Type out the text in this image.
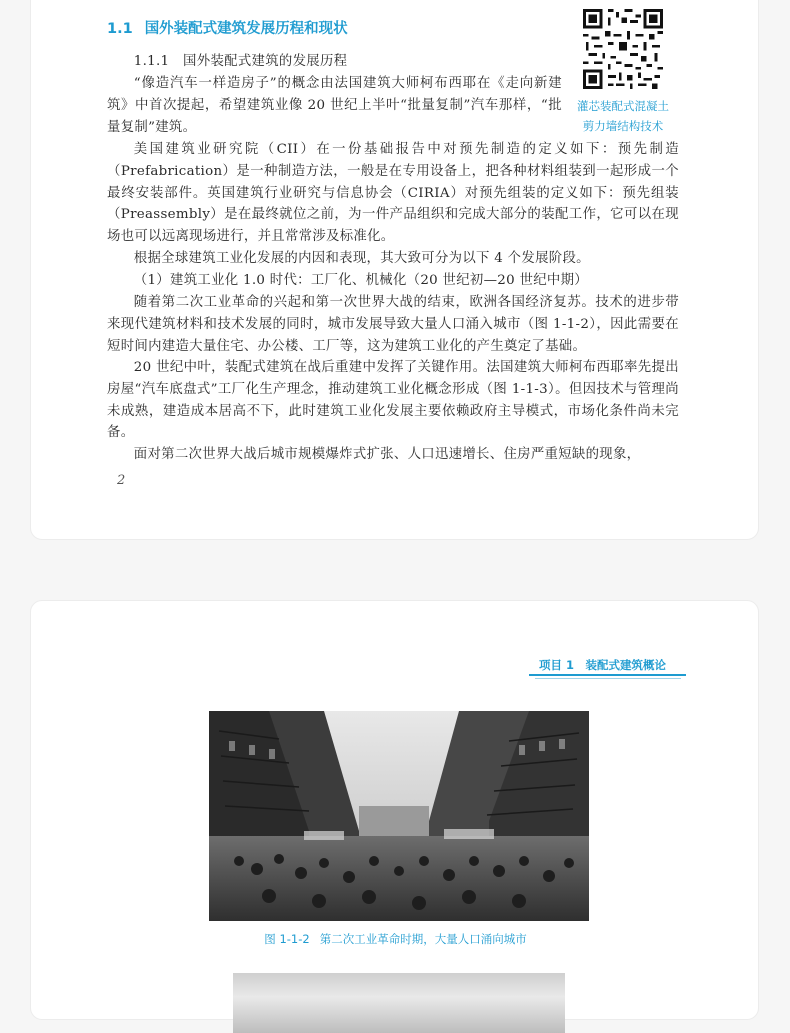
1.1 国外装配式建筑发展历程和现状
灌芯装配式混凝土
剪力墙结构技术

1.1.1　国外装配式建筑的发展历程

“像造汽车一样造房子”的概念由法国建筑大师柯布西耶在《走向新建筑》中首次提起，希望建筑业像 20 世纪上半叶“批量复制”汽车那样，“批量复制”建筑。

美国建筑业研究院（CII）在一份基础报告中对预先制造的定义如下：预先制造（Prefabrication）是一种制造方法，一般是在专用设备上，把各种材料组装到一起形成一个最终安装部件。英国建筑行业研究与信息协会（CIRIA）对预先组装的定义如下：预先组装（Preassembly）是在最终就位之前，为一件产品组织和完成大部分的装配工作，它可以在现场也可以远离现场进行，并且常常涉及标准化。

根据全球建筑工业化发展的内因和表现，其大致可分为以下 4 个发展阶段。

（1）建筑工业化 1.0 时代：工厂化、机械化（20 世纪初—20 世纪中期）

随着第二次工业革命的兴起和第一次世界大战的结束，欧洲各国经济复苏。技术的进步带来现代建筑材料和技术发展的同时，城市发展导致大量人口涌入城市（图 1-1-2），因此需要在短时间内建造大量住宅、办公楼、工厂等，这为建筑工业化的产生奠定了基础。

20 世纪中叶，装配式建筑在战后重建中发挥了关键作用。法国建筑大师柯布西耶率先提出房屋“汽车底盘式”工厂化生产理念，推动建筑工业化概念形成（图 1-1-3）。但因技术与管理尚未成熟，建造成本居高不下，此时建筑工业化发展主要依赖政府主导模式，市场化条件尚未完备。

面对第二次世界大战后城市规模爆炸式扩张、人口迅速增长、住房严重短缺的现象，

2
项目 1　装配式建筑概论
图 1-1-2 第二次工业革命时期，大量人口涌向城市
